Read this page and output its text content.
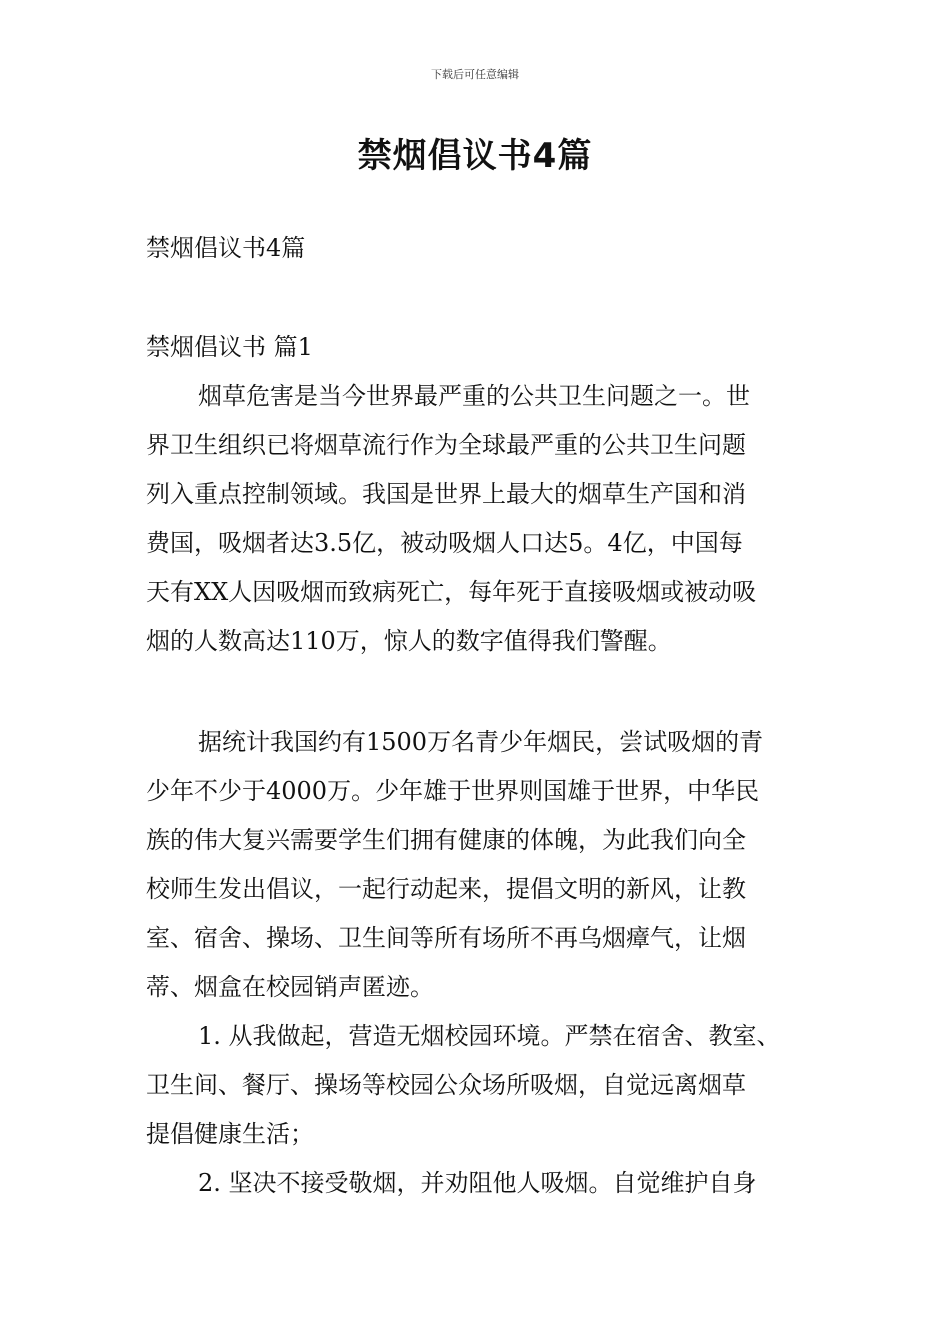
下载后可任意编辑
禁烟倡议书4篇

禁烟倡议书4篇

禁烟倡议书 篇1

烟草危害是当今世界最严重的公共卫生问题之一。世

界卫生组织已将烟草流行作为全球最严重的公共卫生问题

列入重点控制领域。我国是世界上最大的烟草生产国和消

费国，吸烟者达3.5亿，被动吸烟人口达5。4亿，中国每

天有XX人因吸烟而致病死亡，每年死于直接吸烟或被动吸

烟的人数高达110万，惊人的数字值得我们警醒。

据统计我国约有1500万名青少年烟民，尝试吸烟的青

少年不少于4000万。少年雄于世界则国雄于世界，中华民

族的伟大复兴需要学生们拥有健康的体魄，为此我们向全

校师生发出倡议，一起行动起来，提倡文明的新风，让教

室、宿舍、操场、卫生间等所有场所不再乌烟瘴气，让烟

蒂、烟盒在校园销声匿迹。

1. 从我做起，营造无烟校园环境。严禁在宿舍、教室、

卫生间、餐厅、操场等校园公众场所吸烟，自觉远离烟草

提倡健康生活；

2. 坚决不接受敬烟，并劝阻他人吸烟。自觉维护自身
